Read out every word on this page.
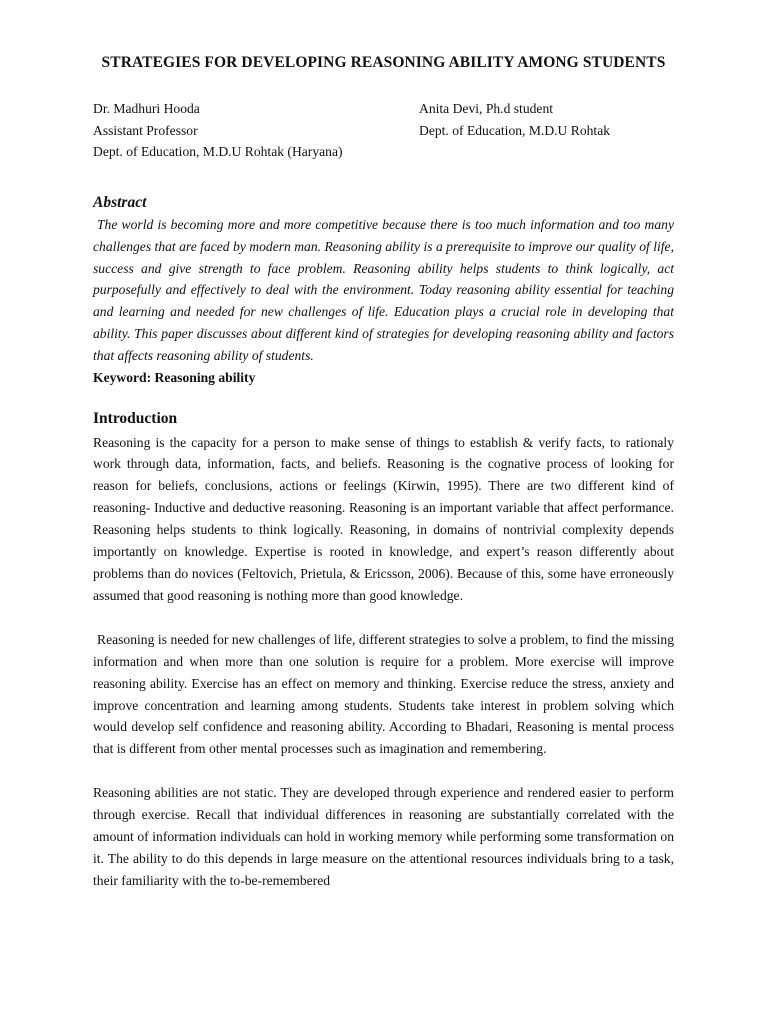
STRATEGIES FOR DEVELOPING REASONING ABILITY AMONG STUDENTS
Dr. Madhuri Hooda
Assistant Professor
Dept. of Education, M.D.U Rohtak (Haryana)
Anita Devi, Ph.d student
Dept. of Education, M.D.U Rohtak
Abstract
The world is becoming more and more competitive because there is too much information and too many challenges that are faced by modern man. Reasoning ability is a prerequisite to improve our quality of life, success and give strength to face problem. Reasoning ability helps students to think logically, act purposefully and effectively to deal with the environment. Today reasoning ability essential for teaching and learning and needed for new challenges of life. Education plays a crucial role in developing that ability. This paper discusses about different kind of strategies for developing reasoning ability and factors that affects reasoning ability of students.
Keyword: Reasoning ability
Introduction

Reasoning is the capacity for a person to make sense of things to establish & verify facts, to rationaly work through data, information, facts, and beliefs. Reasoning is the cognative process of looking for reason for beliefs, conclusions, actions or feelings (Kirwin, 1995). There are two different kind of reasoning- Inductive and deductive reasoning. Reasoning is an important variable that affect performance. Reasoning helps students to think logically. Reasoning, in domains of nontrivial complexity depends importantly on knowledge. Expertise is rooted in knowledge, and expert’s reason differently about problems than do novices (Feltovich, Prietula, & Ericsson, 2006). Because of this, some have erroneously assumed that good reasoning is nothing more than good knowledge.

Reasoning is needed for new challenges of life, different strategies to solve a problem, to find the missing information and when more than one solution is require for a problem. More exercise will improve reasoning ability. Exercise has an effect on memory and thinking. Exercise reduce the stress, anxiety and improve concentration and learning among students. Students take interest in problem solving which would develop self confidence and reasoning ability. According to Bhadari, Reasoning is mental process that is different from other mental processes such as imagination and remembering.

Reasoning abilities are not static. They are developed through experience and rendered easier to perform through exercise. Recall that individual differences in reasoning are substantially correlated with the amount of information individuals can hold in working memory while performing some transformation on it. The ability to do this depends in large measure on the attentional resources individuals bring to a task, their familiarity with the to-be-remembered
